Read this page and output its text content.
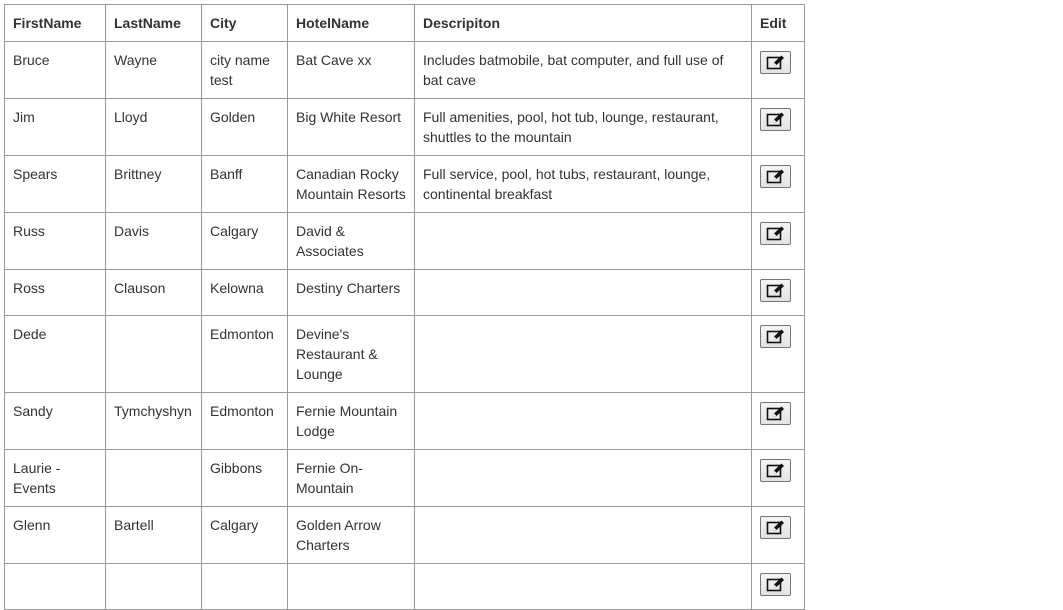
FirstName	LastName	City	HotelName	Descripiton	Edit
Bruce	Wayne	city name test	Bat Cave xx	Includes batmobile, bat computer, and full use of bat cave	

Jim	Lloyd	Golden	Big White Resort	Full amenities, pool, hot tub, lounge, restaurant, shuttles to the mountain	

Spears	Brittney	Banff	Canadian Rocky Mountain Resorts	Full service, pool, hot tubs, restaurant, lounge, continental breakfast	

Russ	Davis	Calgary	David & Associates		

Ross	Clauson	Kelowna	Destiny Charters		

Dede		Edmonton	Devine's Restaurant & Lounge		

Sandy	Tymchyshyn	Edmonton	Fernie Mountain Lodge		

Laurie - Events		Gibbons	Fernie On-Mountain		

Glenn	Bartell	Calgary	Golden Arrow Charters		
